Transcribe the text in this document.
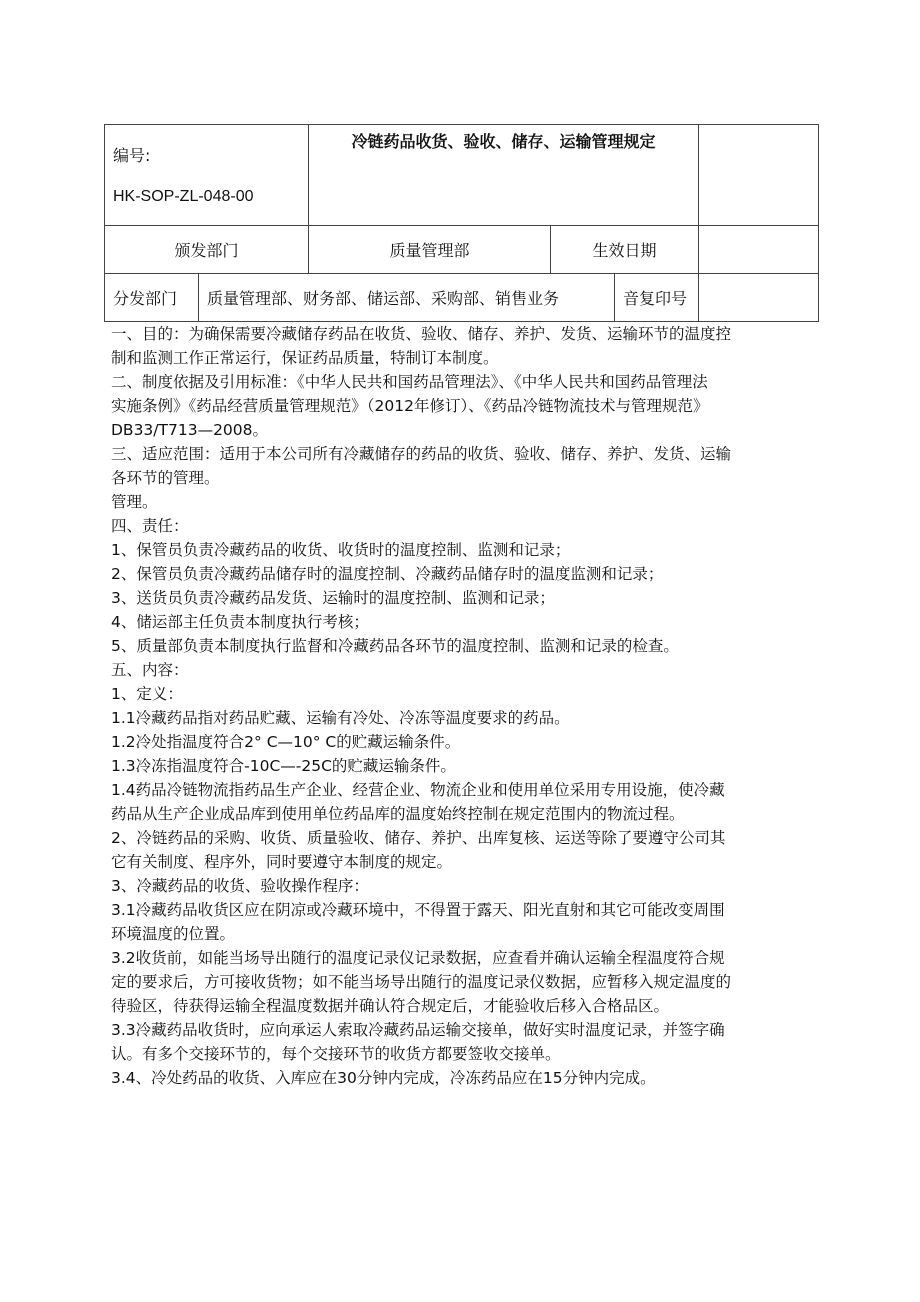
编号:
HK-SOP-ZL-048-00		冷链药品收货、验收、储存、运输管理规定			

颁发部门		质量管理部	生效日期		
分发部门	质量管理部、财务部、储运部、采购部、销售业务			音复印号	

一、目的：为确保需要冷藏储存药品在收货、验收、储存、养护、发货、运输环节的温度控

制和监测工作正常运行，保证药品质量，特制订本制度。

二、制度依据及引用标准：《中华人民共和国药品管理法》、《中华人民共和国药品管理法

实施条例》《药品经营质量管理规范》（2012年修订）、《药品冷链物流技术与管理规范》

DB33/T713—2008。

三、适应范围：适用于本公司所有冷藏储存的药品的收货、验收、储存、养护、发货、运输

各环节的管理。

管理。

四、责任：

1、保管员负责冷藏药品的收货、收货时的温度控制、监测和记录；

2、保管员负责冷藏药品储存时的温度控制、冷藏药品储存时的温度监测和记录；

3、送货员负责冷藏药品发货、运输时的温度控制、监测和记录；

4、储运部主任负责本制度执行考核；

5、质量部负责本制度执行监督和冷藏药品各环节的温度控制、监测和记录的检查。

五、内容：

1、定义：

1.1冷藏药品指对药品贮藏、运输有冷处、冷冻等温度要求的药品。

1.2冷处指温度符合2° C—10° C的贮藏运输条件。

1.3冷冻指温度符合-10C—-25C的贮藏运输条件。

1.4药品冷链物流指药品生产企业、经营企业、物流企业和使用单位采用专用设施，使冷藏

药品从生产企业成品库到使用单位药品库的温度始终控制在规定范围内的物流过程。

2、冷链药品的采购、收货、质量验收、储存、养护、出库复核、运送等除了要遵守公司其

它有关制度、程序外，同时要遵守本制度的规定。

3、冷藏药品的收货、验收操作程序：

3.1冷藏药品收货区应在阴凉或冷藏环境中，不得置于露天、阳光直射和其它可能改变周围

环境温度的位置。

3.2收货前，如能当场导出随行的温度记录仪记录数据，应查看并确认运输全程温度符合规

定的要求后，方可接收货物；如不能当场导出随行的温度记录仪数据，应暂移入规定温度的

待验区，待获得运输全程温度数据并确认符合规定后，才能验收后移入合格品区。

3.3冷藏药品收货时，应向承运人索取冷藏药品运输交接单，做好实时温度记录，并签字确

认。有多个交接环节的，每个交接环节的收货方都要签收交接单。

3.4、冷处药品的收货、入库应在30分钟内完成，冷冻药品应在15分钟内完成。
